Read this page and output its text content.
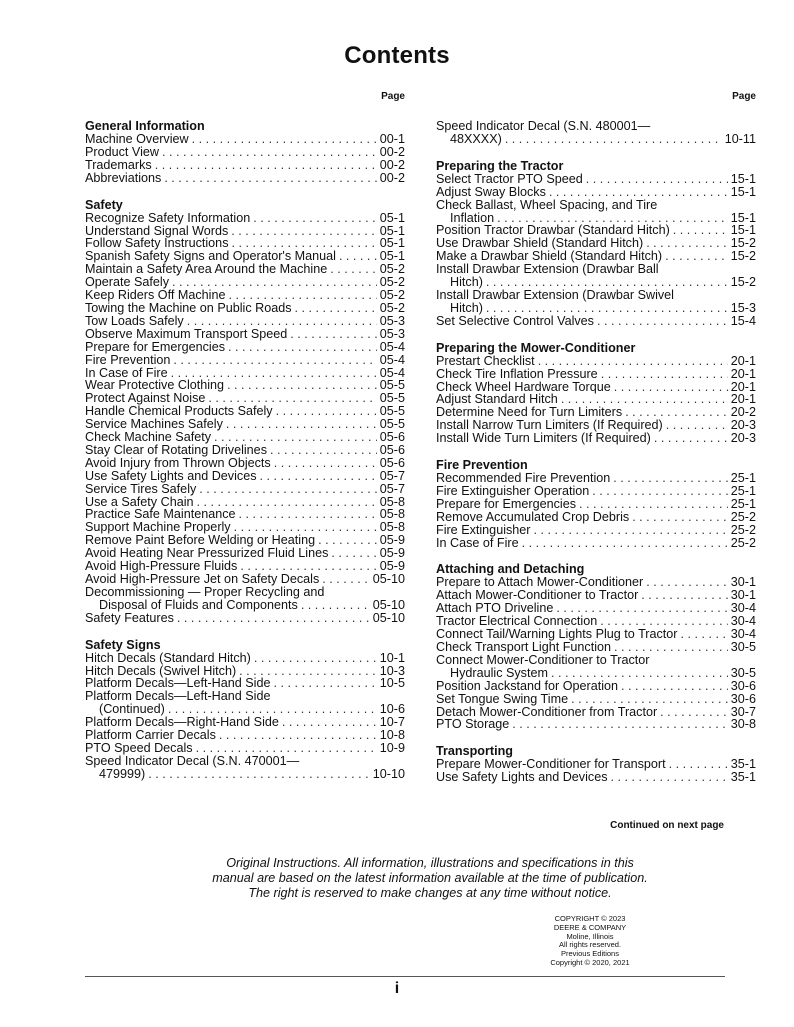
Contents
Page
General Information
Machine Overview . . .	00-1
Product View . . .	00-2
Trademarks . . .	00-2
Abbreviations . . .	00-2
Safety
Recognize Safety Information . . .	05-1
Understand Signal Words . . .	05-1
Follow Safety Instructions . . .	05-1
Spanish Safety Signs and Operator's Manual . . .	05-1
Maintain a Safety Area Around the Machine . . .	05-2
Operate Safely . . .	05-2
Keep Riders Off Machine . . .	05-2
Towing the Machine on Public Roads . . .	05-2
Tow Loads Safely . . .	05-3
Observe Maximum Transport Speed . . .	05-3
Prepare for Emergencies . . .	05-4
Fire Prevention . . .	05-4
In Case of Fire . . .	05-4
Wear Protective Clothing . . .	05-5
Protect Against Noise . . .	05-5
Handle Chemical Products Safely . . .	05-5
Service Machines Safely . . .	05-5
Check Machine Safety . . .	05-6
Stay Clear of Rotating Drivelines . . .	05-6
Avoid Injury from Thrown Objects . . .	05-6
Use Safety Lights and Devices . . .	05-7
Service Tires Safely . . .	05-7
Use a Safety Chain . . .	05-8
Practice Safe Maintenance . . .	05-8
Support Machine Properly . . .	05-8
Remove Paint Before Welding or Heating . . .	05-9
Avoid Heating Near Pressurized Fluid Lines . . .	05-9
Avoid High-Pressure Fluids . . .	05-9
Avoid High-Pressure Jet on Safety Decals . . .	05-10
Decommissioning — Proper Recycling and
Disposal of Fluids and Components . . .	05-10
Safety Features . . .	05-10
Safety Signs
Hitch Decals (Standard Hitch) . . .	10-1
Hitch Decals (Swivel Hitch) . . .	10-3
Platform Decals—Left-Hand Side . . .	10-5
Platform Decals—Left-Hand Side
(Continued) . . .	10-6
Platform Decals—Right-Hand Side . . .	10-7
Platform Carrier Decals . . .	10-8
PTO Speed Decals . . .	10-9
Speed Indicator Decal (S.N. 470001—
479999) . . .	10-10
Page
Speed Indicator Decal (S.N. 480001—
48XXXX) . . .	10-11
Preparing the Tractor
Select Tractor PTO Speed . . .	15-1
Adjust Sway Blocks . . .	15-1
Check Ballast, Wheel Spacing, and Tire
Inflation . . .	15-1
Position Tractor Drawbar (Standard Hitch) . . .	15-1
Use Drawbar Shield (Standard Hitch) . . .	15-2
Make a Drawbar Shield (Standard Hitch) . . .	15-2
Install Drawbar Extension (Drawbar Ball
Hitch) . . .	15-2
Install Drawbar Extension (Drawbar Swivel
Hitch) . . .	15-3
Set Selective Control Valves . . .	15-4
Preparing the Mower-Conditioner
Prestart Checklist . . .	20-1
Check Tire Inflation Pressure . . .	20-1
Check Wheel Hardware Torque . . .	20-1
Adjust Standard Hitch . . .	20-1
Determine Need for Turn Limiters . . .	20-2
Install Narrow Turn Limiters (If Required) . . .	20-3
Install Wide Turn Limiters (If Required) . . .	20-3
Fire Prevention
Recommended Fire Prevention . . .	25-1
Fire Extinguisher Operation . . .	25-1
Prepare for Emergencies . . .	25-1
Remove Accumulated Crop Debris . . .	25-2
Fire Extinguisher . . .	25-2
In Case of Fire . . .	25-2
Attaching and Detaching
Prepare to Attach Mower-Conditioner . . .	30-1
Attach Mower-Conditioner to Tractor . . .	30-1
Attach PTO Driveline . . .	30-4
Tractor Electrical Connection . . .	30-4
Connect Tail/Warning Lights Plug to Tractor . . .	30-4
Check Transport Light Function . . .	30-5
Connect Mower-Conditioner to Tractor
Hydraulic System . . .	30-5
Position Jackstand for Operation . . .	30-6
Set Tongue Swing Time . . .	30-6
Detach Mower-Conditioner from Tractor . . .	30-7
PTO Storage . . .	30-8
Transporting
Prepare Mower-Conditioner for Transport . . .	35-1
Use Safety Lights and Devices . . .	35-1
Continued on next page
Original Instructions. All information, illustrations and specifications in this
manual are based on the latest information available at the time of publication.
The right is reserved to make changes at any time without notice.
COPYRIGHT © 2023
DEERE & COMPANY
Moline, Illinois
All rights reserved.
Previous Editions
Copyright © 2020, 2021
i
